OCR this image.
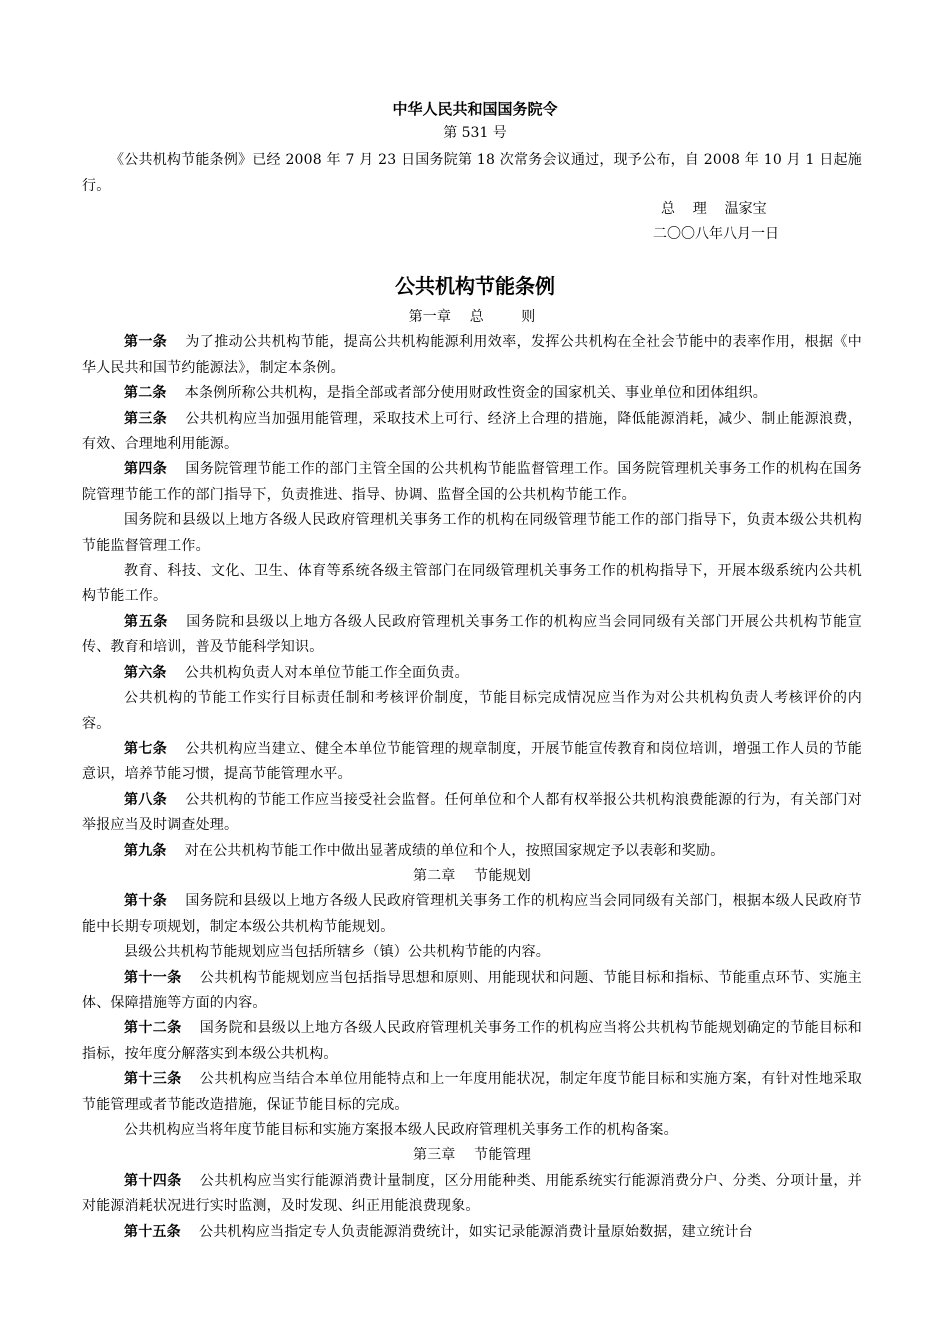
中华人民共和国国务院令
第 531 号

《公共机构节能条例》已经 2008 年 7 月 23 日国务院第 18 次常务会议通过，现予公布，自 2008 年 10 月 1 日起施行。

总    理    温家宝
二〇〇八年八月一日
公共机构节能条例

第一章    总        则

第一条 为了推动公共机构节能，提高公共机构能源利用效率，发挥公共机构在全社会节能中的表率作用，根据《中华人民共和国节约能源法》，制定本条例。

第二条 本条例所称公共机构，是指全部或者部分使用财政性资金的国家机关、事业单位和团体组织。

第三条 公共机构应当加强用能管理，采取技术上可行、经济上合理的措施，降低能源消耗，减少、制止能源浪费，有效、合理地利用能源。

第四条 国务院管理节能工作的部门主管全国的公共机构节能监督管理工作。国务院管理机关事务工作的机构在国务院管理节能工作的部门指导下，负责推进、指导、协调、监督全国的公共机构节能工作。

国务院和县级以上地方各级人民政府管理机关事务工作的机构在同级管理节能工作的部门指导下，负责本级公共机构节能监督管理工作。

教育、科技、文化、卫生、体育等系统各级主管部门在同级管理机关事务工作的机构指导下，开展本级系统内公共机构节能工作。

第五条 国务院和县级以上地方各级人民政府管理机关事务工作的机构应当会同同级有关部门开展公共机构节能宣传、教育和培训，普及节能科学知识。

第六条 公共机构负责人对本单位节能工作全面负责。

公共机构的节能工作实行目标责任制和考核评价制度，节能目标完成情况应当作为对公共机构负责人考核评价的内容。

第七条 公共机构应当建立、健全本单位节能管理的规章制度，开展节能宣传教育和岗位培训，增强工作人员的节能意识，培养节能习惯，提高节能管理水平。

第八条 公共机构的节能工作应当接受社会监督。任何单位和个人都有权举报公共机构浪费能源的行为，有关部门对举报应当及时调查处理。

第九条 对在公共机构节能工作中做出显著成绩的单位和个人，按照国家规定予以表彰和奖励。

第二章    节能规划

第十条 国务院和县级以上地方各级人民政府管理机关事务工作的机构应当会同同级有关部门，根据本级人民政府节能中长期专项规划，制定本级公共机构节能规划。

县级公共机构节能规划应当包括所辖乡（镇）公共机构节能的内容。

第十一条 公共机构节能规划应当包括指导思想和原则、用能现状和问题、节能目标和指标、节能重点环节、实施主体、保障措施等方面的内容。

第十二条 国务院和县级以上地方各级人民政府管理机关事务工作的机构应当将公共机构节能规划确定的节能目标和指标，按年度分解落实到本级公共机构。

第十三条 公共机构应当结合本单位用能特点和上一年度用能状况，制定年度节能目标和实施方案，有针对性地采取节能管理或者节能改造措施，保证节能目标的完成。

公共机构应当将年度节能目标和实施方案报本级人民政府管理机关事务工作的机构备案。

第三章    节能管理

第十四条 公共机构应当实行能源消费计量制度，区分用能种类、用能系统实行能源消费分户、分类、分项计量，并对能源消耗状况进行实时监测，及时发现、纠正用能浪费现象。

第十五条 公共机构应当指定专人负责能源消费统计，如实记录能源消费计量原始数据，建立统计台
